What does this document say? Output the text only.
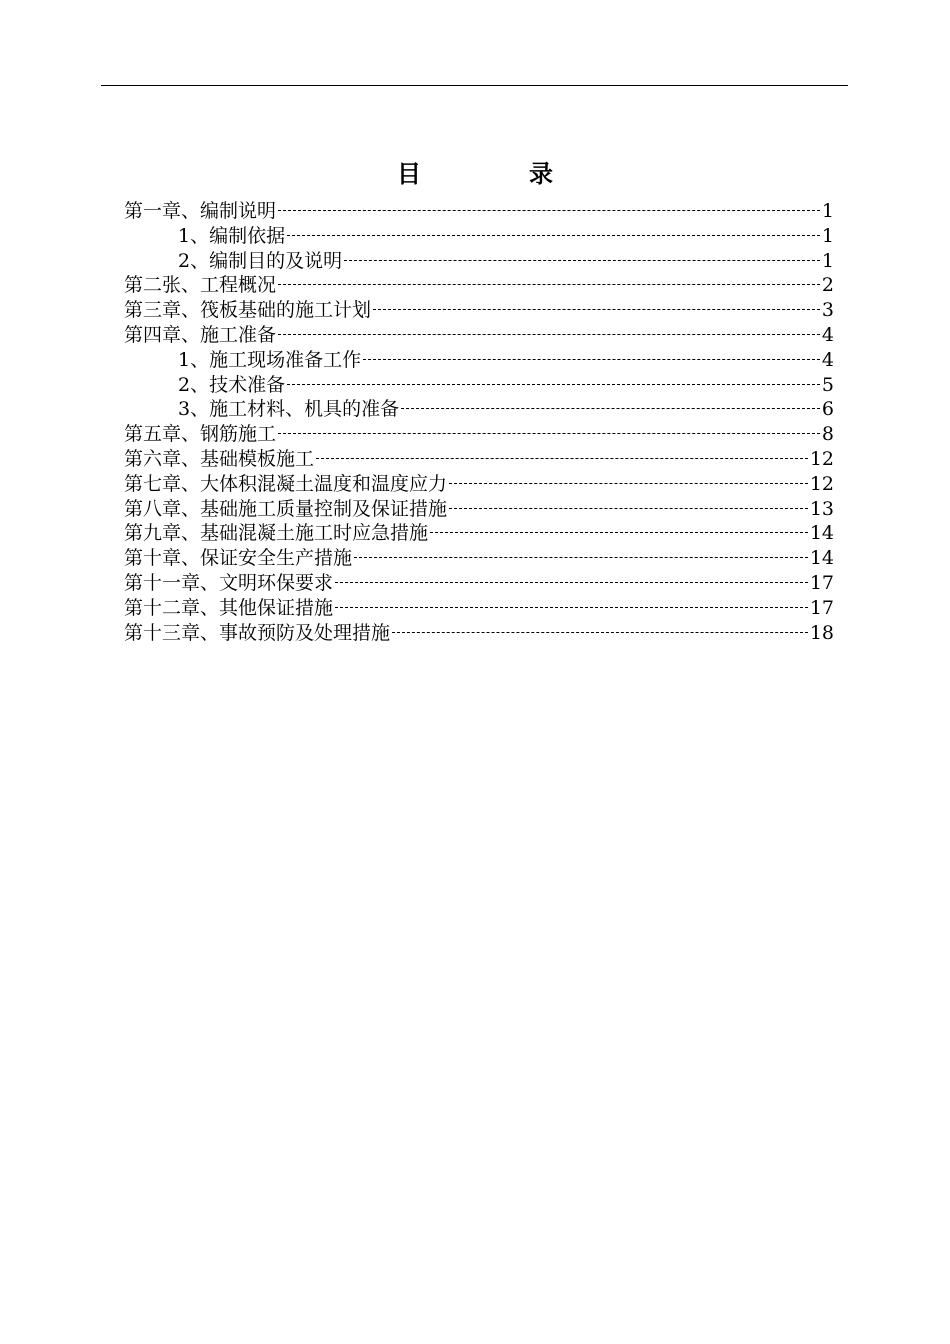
目　录
第一章、编制说明	1
1、编制依据	1
2、编制目的及说明	1
第二张、工程概况	2
第三章、筏板基础的施工计划	3
第四章、施工准备	4
1、施工现场准备工作	4
2、技术准备	5
3、施工材料、机具的准备	6
第五章、钢筋施工	8
第六章、基础模板施工	12
第七章、大体积混凝土温度和温度应力	12
第八章、基础施工质量控制及保证措施	13
第九章、基础混凝土施工时应急措施	14
第十章、保证安全生产措施	14
第十一章、文明环保要求	17
第十二章、其他保证措施	17
第十三章、事故预防及处理措施	18
